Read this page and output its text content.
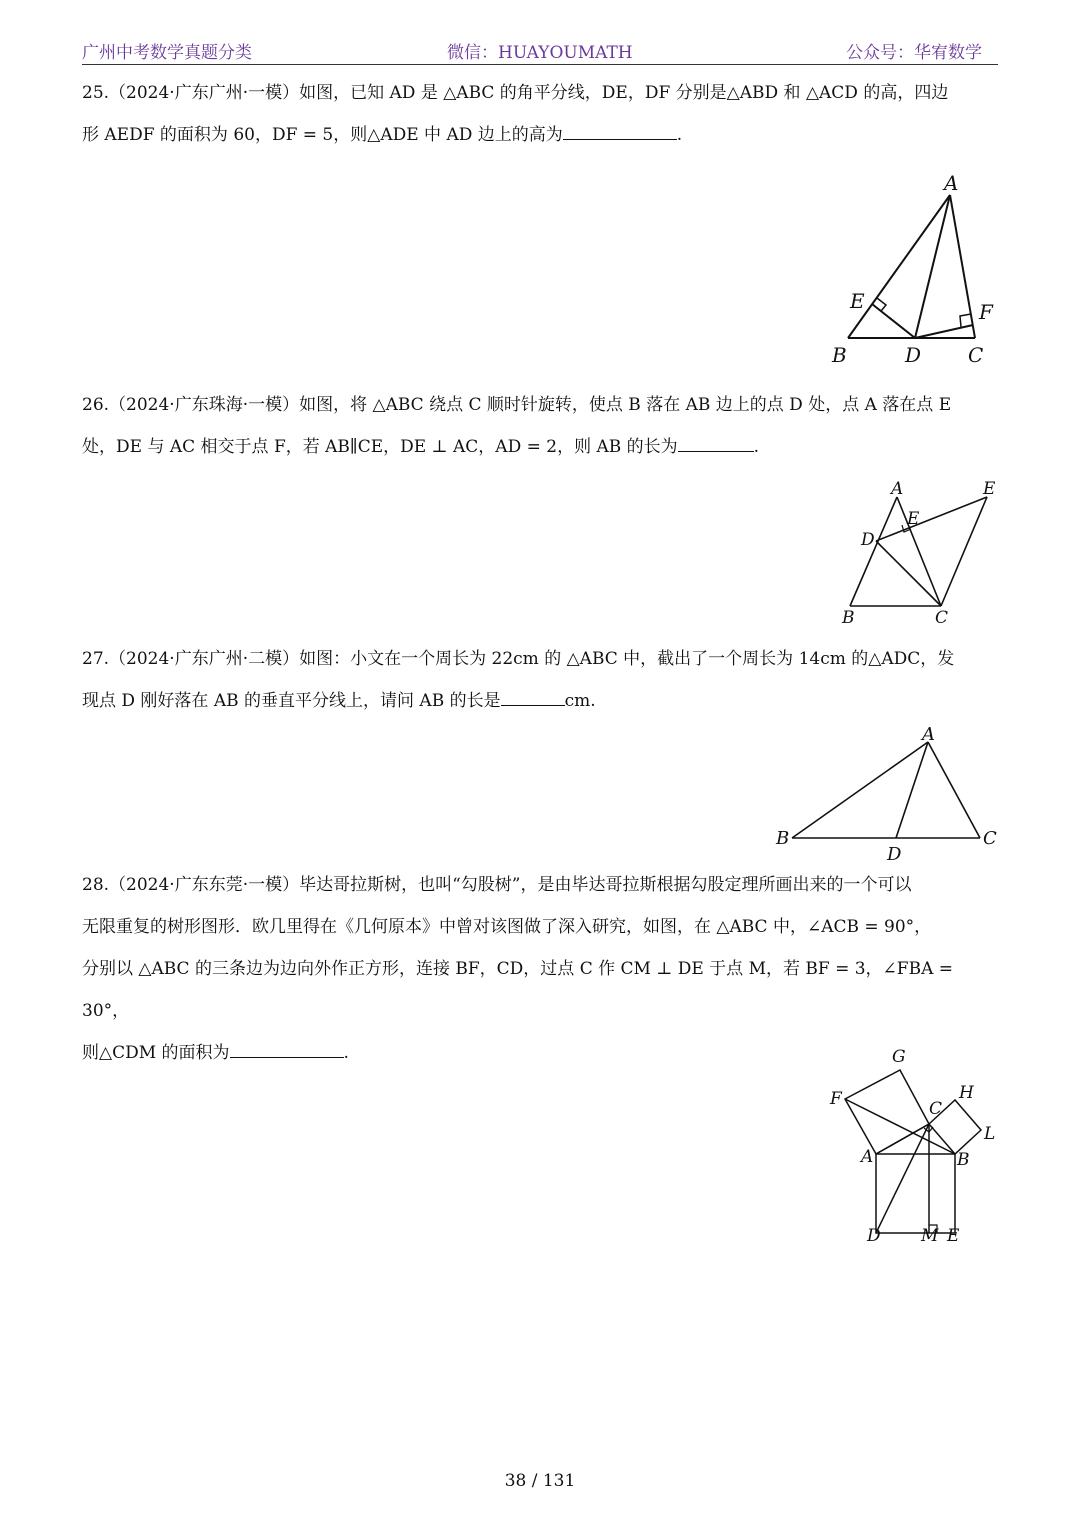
广州中考数学真题分类	微信：HUAYOUMATH	公众号：华宥数学

25.（2024·广东广州·一模）如图，已知 AD 是 △ABC 的角平分线，DE，DF 分别是△ABD 和 △ACD 的高，四边

形 AEDF 的面积为 60，DF = 5，则△ADE 中 AD 边上的高为	.

A
E	F
B	D C

26.（2024·广东珠海·一模）如图，将 △ABC 绕点 C 顺时针旋转，使点 B 落在 AB 边上的点 D 处，点 A 落在点 E

处，DE 与 AC 相交于点 F，若 AB∥CE，DE ⊥ AC，AD = 2，则 AB 的长为	.

A	E
E
D
B	C

27.（2024·广东广州·二模）如图：小文在一个周长为 22cm 的 △ABC 中，截出了一个周长为 14cm 的△ADC，发

现点 D 刚好落在 AB 的垂直平分线上，请问 AB 的长是	cm.

A
B	C
D

28.（2024·广东东莞·一模）毕达哥拉斯树，也叫“勾股树”，是由毕达哥拉斯根据勾股定理所画出来的一个可以

无限重复的树形图形．欧几里得在《几何原本》中曾对该图做了深入研究，如图，在 △ABC 中，∠ACB = 90°，

分别以 △ABC 的三条边为边向外作正方形，连接 BF，CD，过点 C 作 CM ⊥ DE 于点 M，若 BF = 3，∠FBA = 30°，

则△CDM 的面积为	.	G
F	C
H
L
A	B
D M E
38 / 131
